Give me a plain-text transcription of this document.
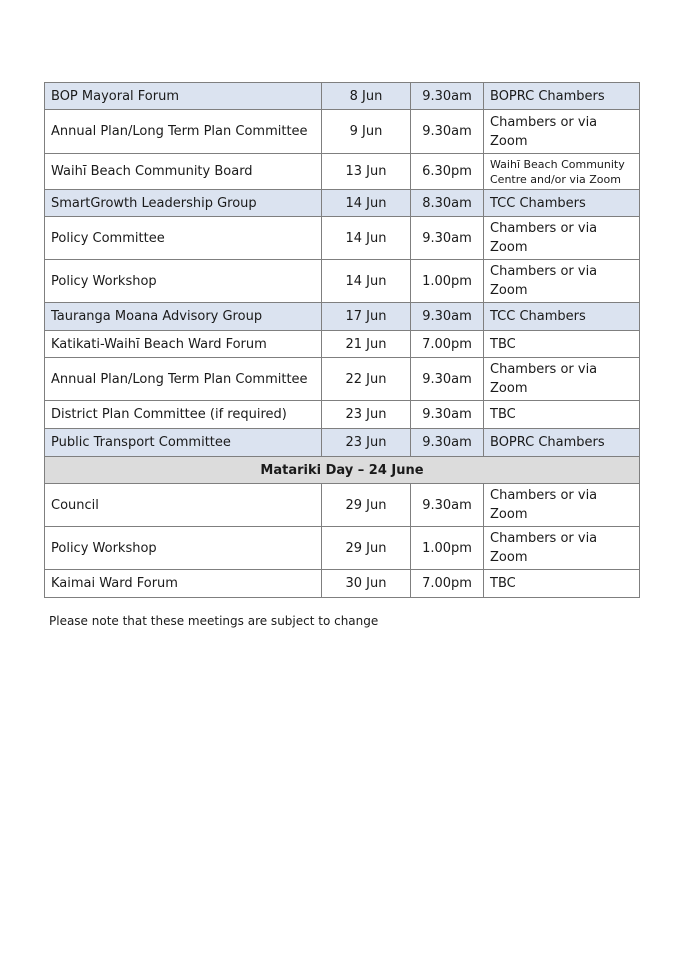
BOP Mayoral Forum	8 Jun	9.30am	BOPRC Chambers
Annual Plan/Long Term Plan Committee	9 Jun	9.30am	Chambers or via Zoom
Waihī Beach Community Board	13 Jun	6.30pm	Waihī Beach Community Centre and/or via Zoom
SmartGrowth Leadership Group	14 Jun	8.30am	TCC Chambers
Policy Committee	14 Jun	9.30am	Chambers or via Zoom
Policy Workshop	14 Jun	1.00pm	Chambers or via Zoom
Tauranga Moana Advisory Group	17 Jun	9.30am	TCC Chambers
Katikati-Waihī Beach Ward Forum	21 Jun	7.00pm	TBC
Annual Plan/Long Term Plan Committee	22 Jun	9.30am	Chambers or via Zoom
District Plan Committee (if required)	23 Jun	9.30am	TBC
Public Transport Committee	23 Jun	9.30am	BOPRC Chambers
Matariki Day – 24 June			
Council	29 Jun	9.30am	Chambers or via Zoom
Policy Workshop	29 Jun	1.00pm	Chambers or via Zoom
Kaimai Ward Forum	30 Jun	7.00pm	TBC
Please note that these meetings are subject to change
